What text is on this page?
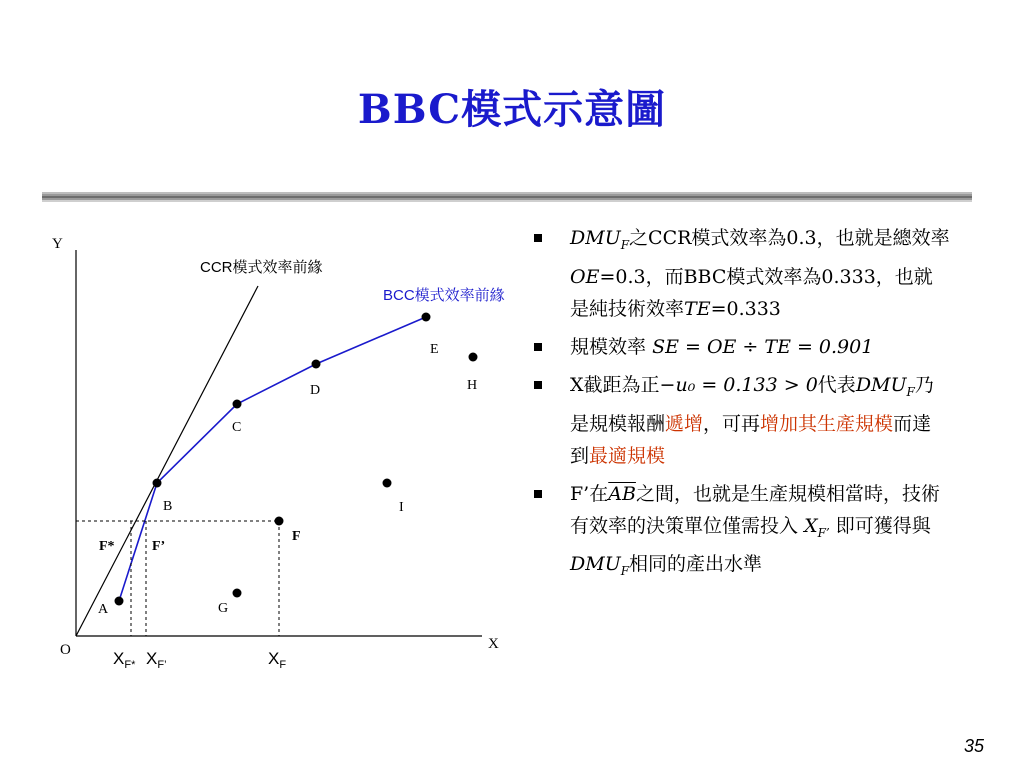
BBC模式示意圖
Y
X
O
CCR模式效率前緣
BCC模式效率前緣
A
B
C
D
E
H
I
F
G
F*	F’
$X_{F*}$ $X_{F’}$	$X_F$
$DMU_F$之CCR模式效率為0.3，也就是總效率OE=0.3，而BBC模式效率為0.333，也就是純技術效率TE=0.333
規模效率 SE = OE ÷ TE = 0.901
X截距為正−u₀ = 0.133 > 0代表$DMU_F$乃是規模報酬遞增，可再增加其生產規模而達到最適規模
F’在$\overline{AB}$之間，也就是生產規模相當時，技術有效率的決策單位僅需投入 $X_{F’}$ 即可獲得與$DMU_F$相同的產出水準
35
